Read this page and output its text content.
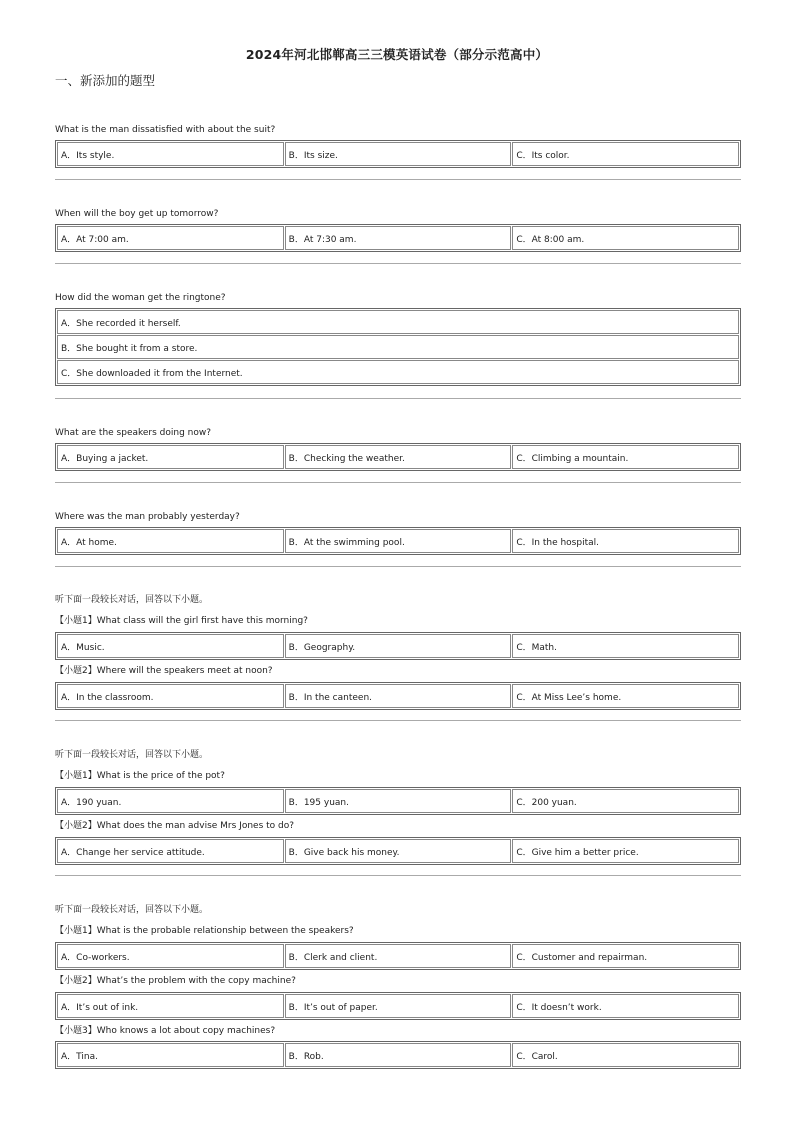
2024年河北邯郸高三三模英语试卷（部分示范高中）
一、新添加的题型
What is the man dissatisfied with about the suit?
A．Its style.	B．Its size.	C．Its color.
When will the boy get up tomorrow?
A．At 7:00 am.	B．At 7:30 am.	C．At 8:00 am.
How did the woman get the ringtone?
A．She recorded it herself.
B．She bought it from a store.
C．She downloaded it from the Internet.
What are the speakers doing now?
A．Buying a jacket.	B．Checking the weather.	C．Climbing a mountain.
Where was the man probably yesterday?
A．At home.	B．At the swimming pool.	C．In the hospital.
听下面一段较长对话，回答以下小题。
【小题1】What class will the girl first have this morning?
A．Music.	B．Geography.	C．Math.
【小题2】Where will the speakers meet at noon?
A．In the classroom.	B．In the canteen.	C．At Miss Lee’s home.
听下面一段较长对话，回答以下小题。
【小题1】What is the price of the pot?
A．190 yuan.	B．195 yuan.	C．200 yuan.
【小题2】What does the man advise Mrs Jones to do?
A．Change her service attitude.	B．Give back his money.	C．Give him a better price.
听下面一段较长对话，回答以下小题。
【小题1】What is the probable relationship between the speakers?
A．Co-workers.	B．Clerk and client.	C．Customer and repairman.
【小题2】What’s the problem with the copy machine?
A．It’s out of ink.	B．It’s out of paper.	C．It doesn’t work.
【小题3】Who knows a lot about copy machines?
A．Tina.	B．Rob.	C．Carol.
